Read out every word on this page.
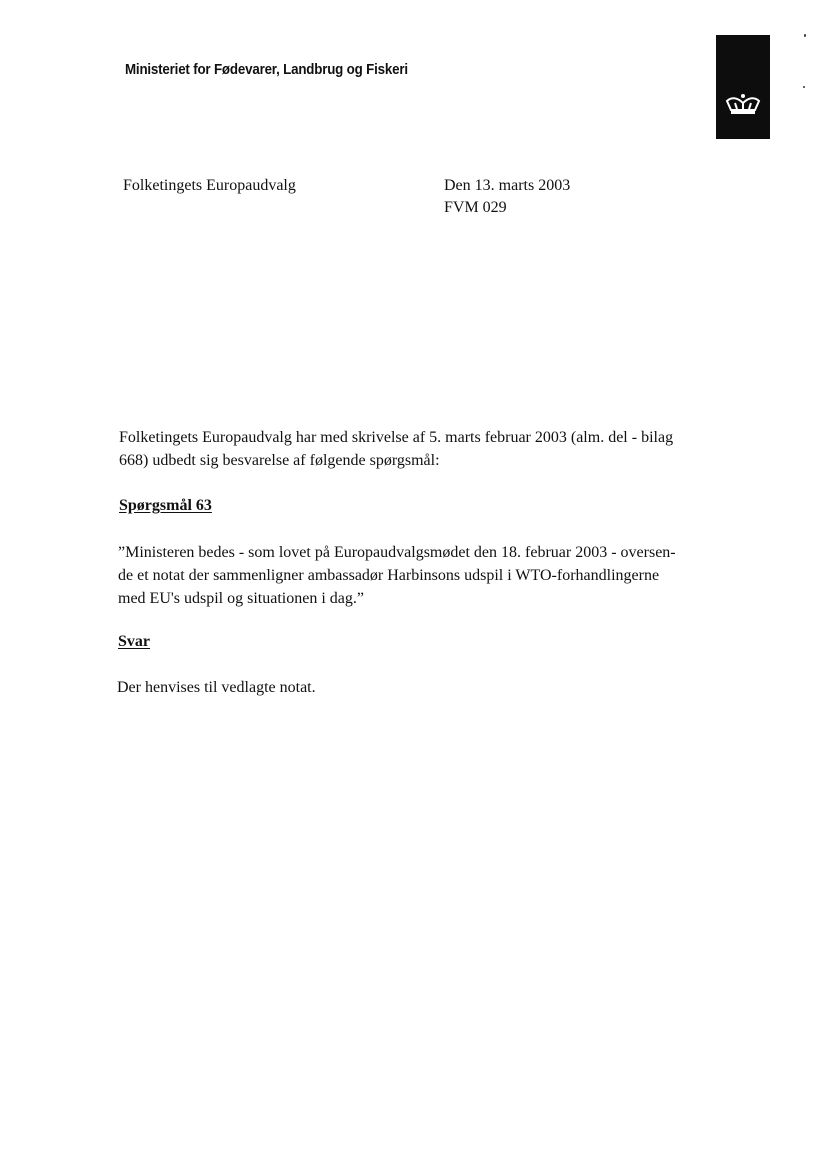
Ministeriet for Fødevarer, Landbrug og Fiskeri
Folketingets Europaudvalg	Den 13. marts 2003
FVM 029
Folketingets Europaudvalg har med skrivelse af 5. marts februar 2003 (alm. del - bilag
668) udbedt sig besvarelse af følgende spørgsmål:
Spørgsmål 63
”Ministeren bedes - som lovet på Europaudvalgsmødet den 18. februar 2003 - oversen-
de et notat der sammenligner ambassadør Harbinsons udspil i WTO-forhandlingerne
med EU's udspil og situationen i dag.”
Svar
Der henvises til vedlagte notat.
